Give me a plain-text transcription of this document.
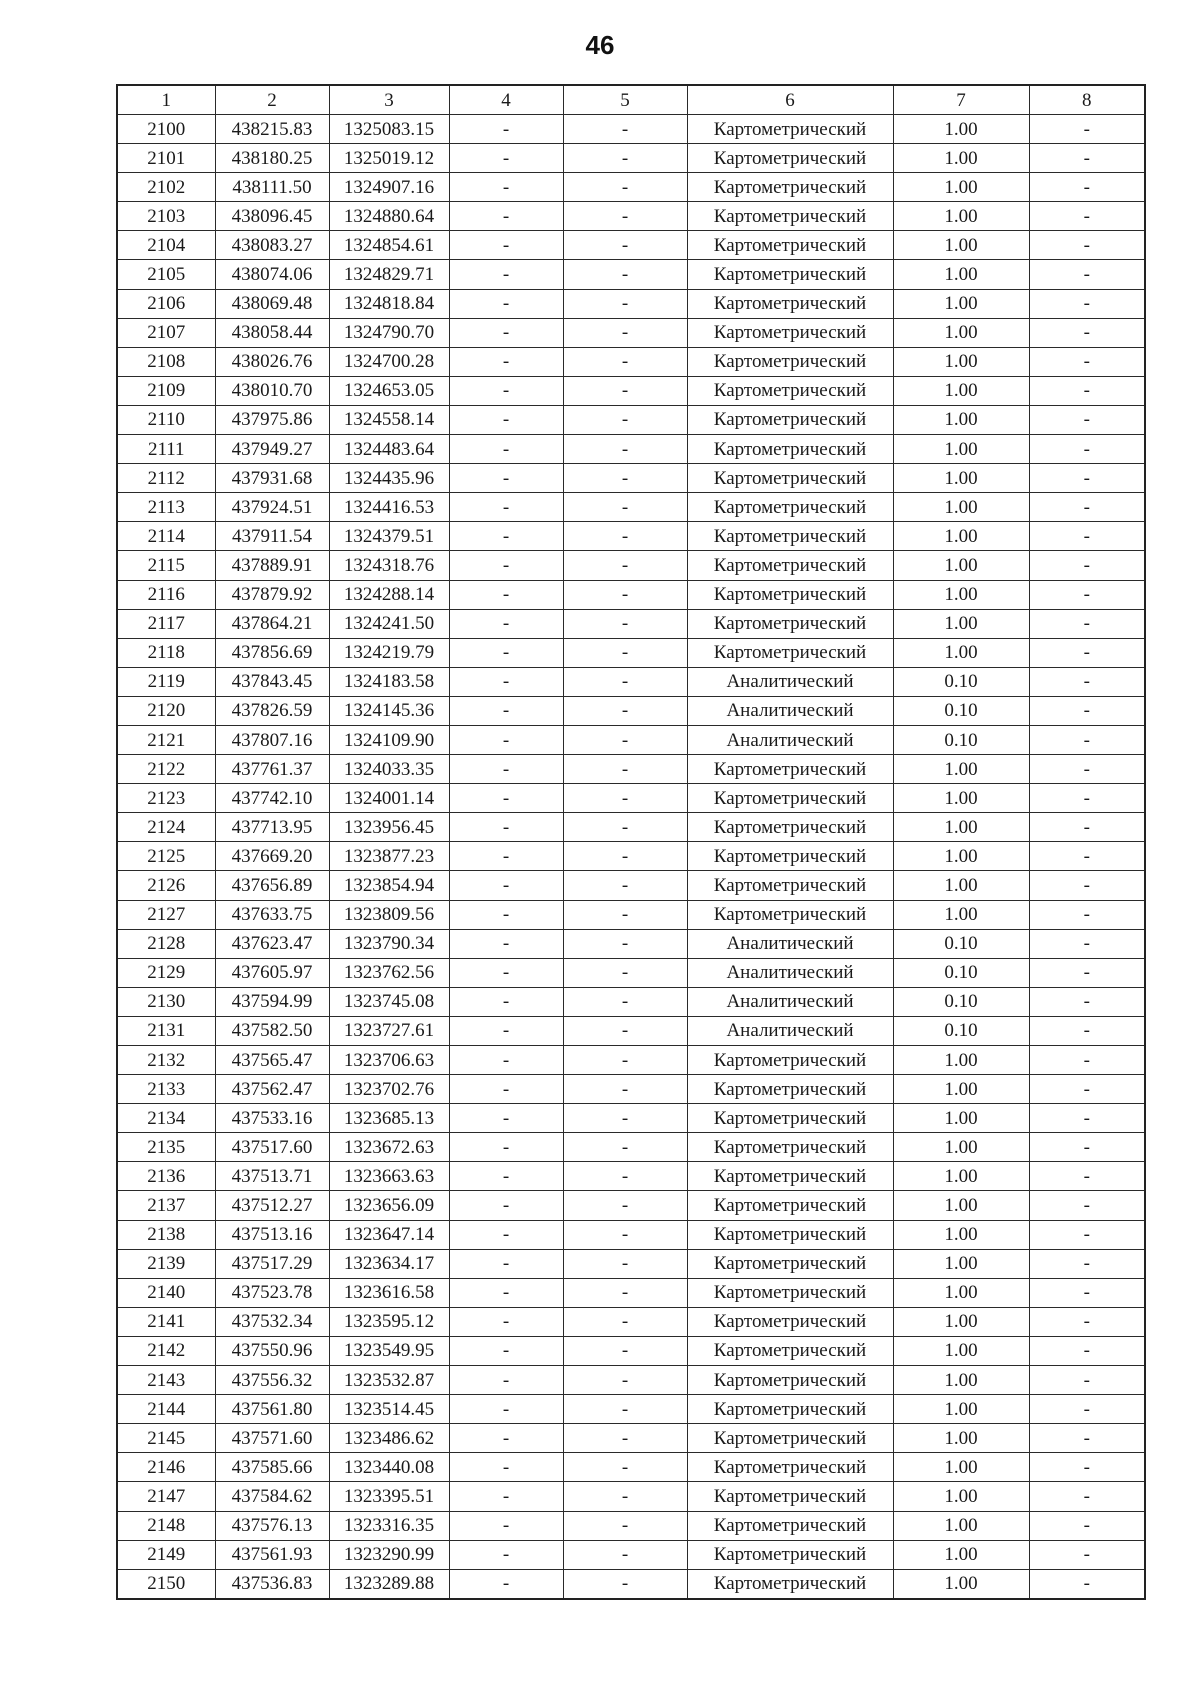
46
1	2	3	4	5	6	7	8
2100	438215.83	1325083.15	-	-	Картометрический	1.00	-
2101	438180.25	1325019.12	-	-	Картометрический	1.00	-
2102	438111.50	1324907.16	-	-	Картометрический	1.00	-
2103	438096.45	1324880.64	-	-	Картометрический	1.00	-
2104	438083.27	1324854.61	-	-	Картометрический	1.00	-
2105	438074.06	1324829.71	-	-	Картометрический	1.00	-
2106	438069.48	1324818.84	-	-	Картометрический	1.00	-
2107	438058.44	1324790.70	-	-	Картометрический	1.00	-
2108	438026.76	1324700.28	-	-	Картометрический	1.00	-
2109	438010.70	1324653.05	-	-	Картометрический	1.00	-
2110	437975.86	1324558.14	-	-	Картометрический	1.00	-
2111	437949.27	1324483.64	-	-	Картометрический	1.00	-
2112	437931.68	1324435.96	-	-	Картометрический	1.00	-
2113	437924.51	1324416.53	-	-	Картометрический	1.00	-
2114	437911.54	1324379.51	-	-	Картометрический	1.00	-
2115	437889.91	1324318.76	-	-	Картометрический	1.00	-
2116	437879.92	1324288.14	-	-	Картометрический	1.00	-
2117	437864.21	1324241.50	-	-	Картометрический	1.00	-
2118	437856.69	1324219.79	-	-	Картометрический	1.00	-
2119	437843.45	1324183.58	-	-	Аналитический	0.10	-
2120	437826.59	1324145.36	-	-	Аналитический	0.10	-
2121	437807.16	1324109.90	-	-	Аналитический	0.10	-
2122	437761.37	1324033.35	-	-	Картометрический	1.00	-
2123	437742.10	1324001.14	-	-	Картометрический	1.00	-
2124	437713.95	1323956.45	-	-	Картометрический	1.00	-
2125	437669.20	1323877.23	-	-	Картометрический	1.00	-
2126	437656.89	1323854.94	-	-	Картометрический	1.00	-
2127	437633.75	1323809.56	-	-	Картометрический	1.00	-
2128	437623.47	1323790.34	-	-	Аналитический	0.10	-
2129	437605.97	1323762.56	-	-	Аналитический	0.10	-
2130	437594.99	1323745.08	-	-	Аналитический	0.10	-
2131	437582.50	1323727.61	-	-	Аналитический	0.10	-
2132	437565.47	1323706.63	-	-	Картометрический	1.00	-
2133	437562.47	1323702.76	-	-	Картометрический	1.00	-
2134	437533.16	1323685.13	-	-	Картометрический	1.00	-
2135	437517.60	1323672.63	-	-	Картометрический	1.00	-
2136	437513.71	1323663.63	-	-	Картометрический	1.00	-
2137	437512.27	1323656.09	-	-	Картометрический	1.00	-
2138	437513.16	1323647.14	-	-	Картометрический	1.00	-
2139	437517.29	1323634.17	-	-	Картометрический	1.00	-
2140	437523.78	1323616.58	-	-	Картометрический	1.00	-
2141	437532.34	1323595.12	-	-	Картометрический	1.00	-
2142	437550.96	1323549.95	-	-	Картометрический	1.00	-
2143	437556.32	1323532.87	-	-	Картометрический	1.00	-
2144	437561.80	1323514.45	-	-	Картометрический	1.00	-
2145	437571.60	1323486.62	-	-	Картометрический	1.00	-
2146	437585.66	1323440.08	-	-	Картометрический	1.00	-
2147	437584.62	1323395.51	-	-	Картометрический	1.00	-
2148	437576.13	1323316.35	-	-	Картометрический	1.00	-
2149	437561.93	1323290.99	-	-	Картометрический	1.00	-
2150	437536.83	1323289.88	-	-	Картометрический	1.00	-
